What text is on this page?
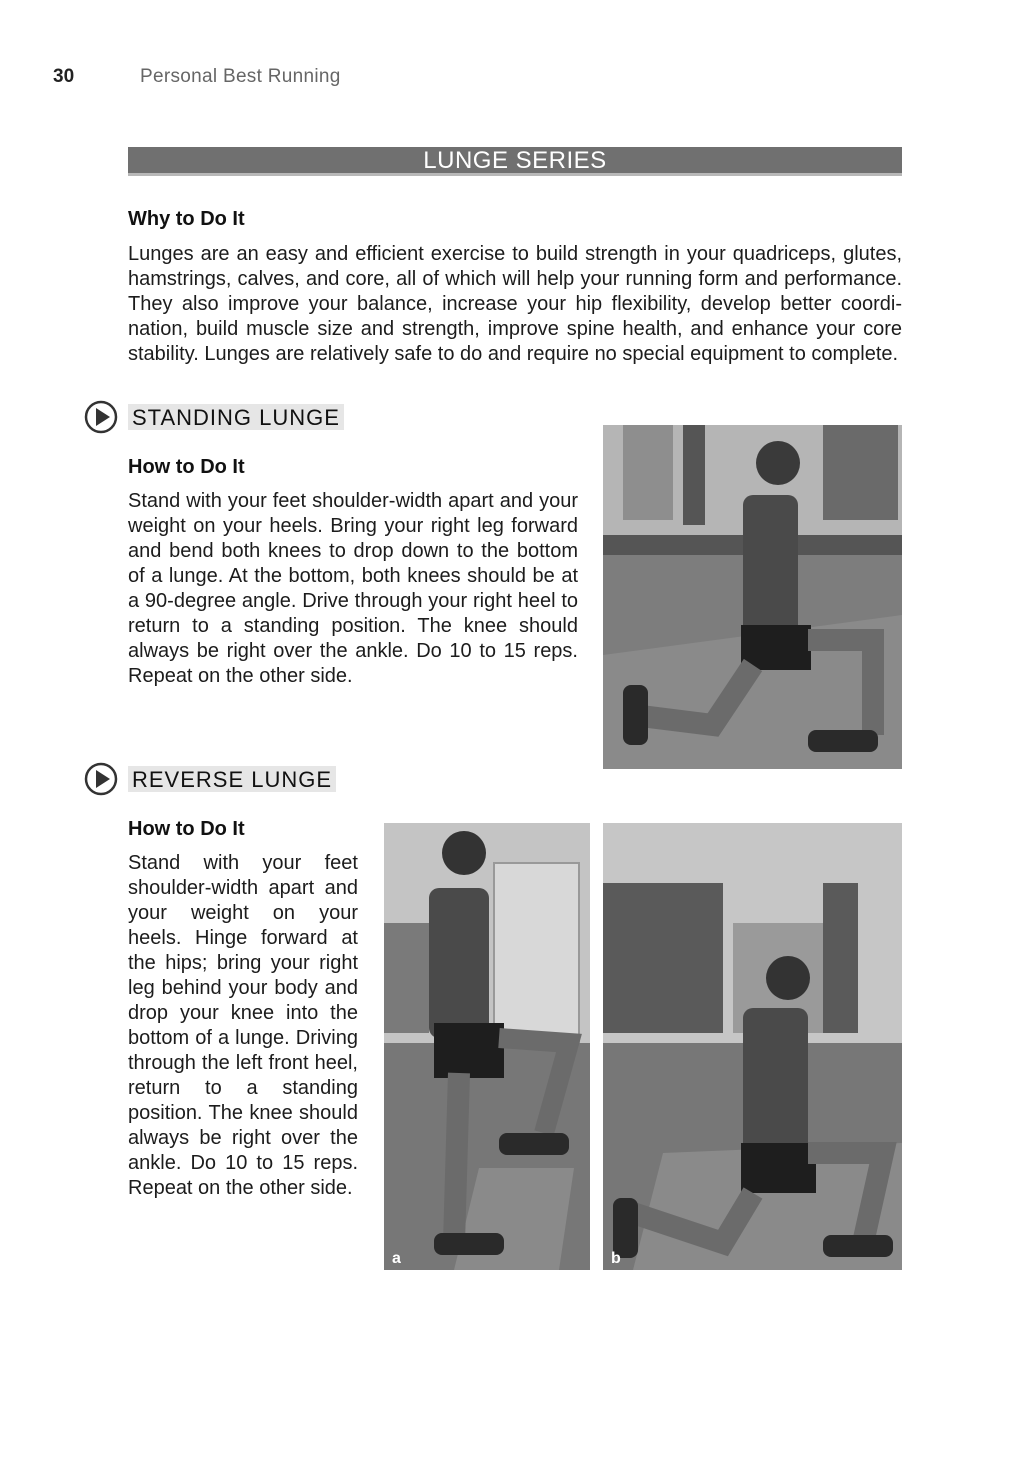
30	Personal Best Running
LUNGE SERIES
Why to Do It
Lunges are an easy and efficient exercise to build strength in your quadriceps, glutes, hamstrings, calves, and core, all of which will help your running form and performance. They also improve your balance, increase your hip flexibility, develop better coordination, build muscle size and strength, improve spine health, and enhance your core stability. Lunges are relatively safe to do and require no special equipment to complete.
STANDING LUNGE
How to Do It
Stand with your feet shoulder-width apart and your weight on your heels. Bring your right leg forward and bend both knees to drop down to the bottom of a lunge. At the bottom, both knees should be at a 90-degree angle. Drive through your right heel to return to a standing position. The knee should always be right over the ankle. Do 10 to 15 reps. Repeat on the other side.
REVERSE LUNGE
How to Do It
Stand with your feet shoulder-width apart and your weight on your heels. Hinge forward at the hips; bring your right leg behind your body and drop your knee into the bottom of a lunge. Driving through the left front heel, return to a standing position. The knee should always be right over the ankle. Do 10 to 15 reps. Repeat on the other side.
a	b
